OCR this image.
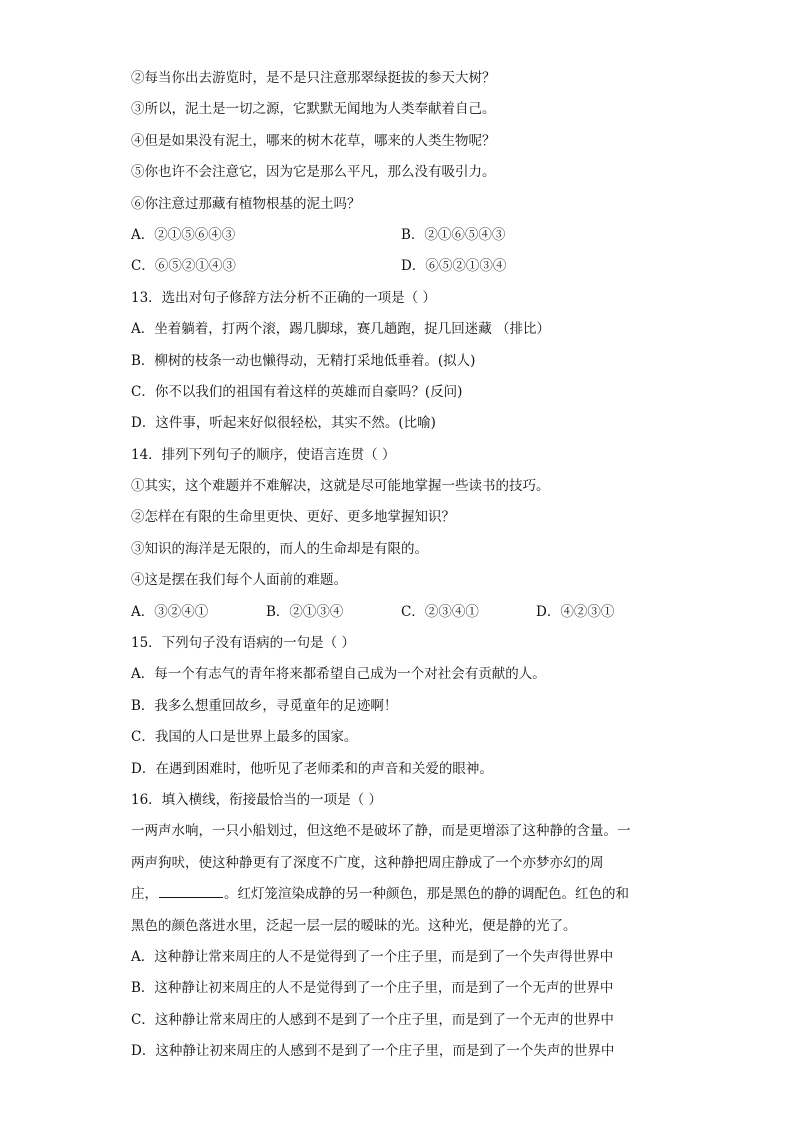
②每当你出去游览时，是不是只注意那翠绿挺拔的参天大树？
③所以，泥土是一切之源，它默默无闻地为人类奉献着自己。
④但是如果没有泥土，哪来的树木花草，哪来的人类生物呢？
⑤你也许不会注意它，因为它是那么平凡，那么没有吸引力。
⑥你注意过那藏有植物根基的泥土吗？
A．②①⑤⑥④③	B．②①⑥⑤④③
C．⑥⑤②①④③	D．⑥⑤②①③④
13．选出对句子修辞方法分析不正确的一项是（ ）
A．坐着躺着，打两个滚，踢几脚球，赛几趟跑，捉几回迷藏 （排比）
B．柳树的枝条一动也懒得动，无精打采地低垂着。(拟人)
C．你不以我们的祖国有着这样的英雄而自豪吗？(反问)
D．这件事，听起来好似很轻松，其实不然。(比喻)
14．排列下列句子的顺序，使语言连贯（ ）
①其实，这个难题并不难解决，这就是尽可能地掌握一些读书的技巧。
②怎样在有限的生命里更快、更好、更多地掌握知识？
③知识的海洋是无限的，而人的生命却是有限的。
④这是摆在我们每个人面前的难题。
A．③②④①	B．②①③④	C．②③④①	D．④②③①
15．下列句子没有语病的一句是（ ）
A．每一个有志气的青年将来都希望自己成为一个对社会有贡献的人。
B．我多么想重回故乡，寻觅童年的足迹啊！
C．我国的人口是世界上最多的国家。
D．在遇到困难时，他听见了老师柔和的声音和关爱的眼神。
16．填入横线，衔接最恰当的一项是（ ）
一两声水响，一只小船划过，但这绝不是破坏了静，而是更增添了这种静的含量。一
两声狗吠，使这种静更有了深度不广度，这种静把周庄静成了一个亦梦亦幻的周
庄，	。红灯笼渲染成静的另一种颜色，那是黑色的静的调配色。红色的和
黑色的颜色落进水里，泛起一层一层的暧昧的光。这种光，便是静的光了。
A．这种静让常来周庄的人不是觉得到了一个庄子里，而是到了一个失声得世界中
B．这种静让初来周庄的人不是觉得到了一个庄子里，而是到了一个无声的世界中
C．这种静让常来周庄的人感到不是到了一个庄子里，而是到了一个无声的世界中
D．这种静让初来周庄的人感到不是到了一个庄子里，而是到了一个失声的世界中
